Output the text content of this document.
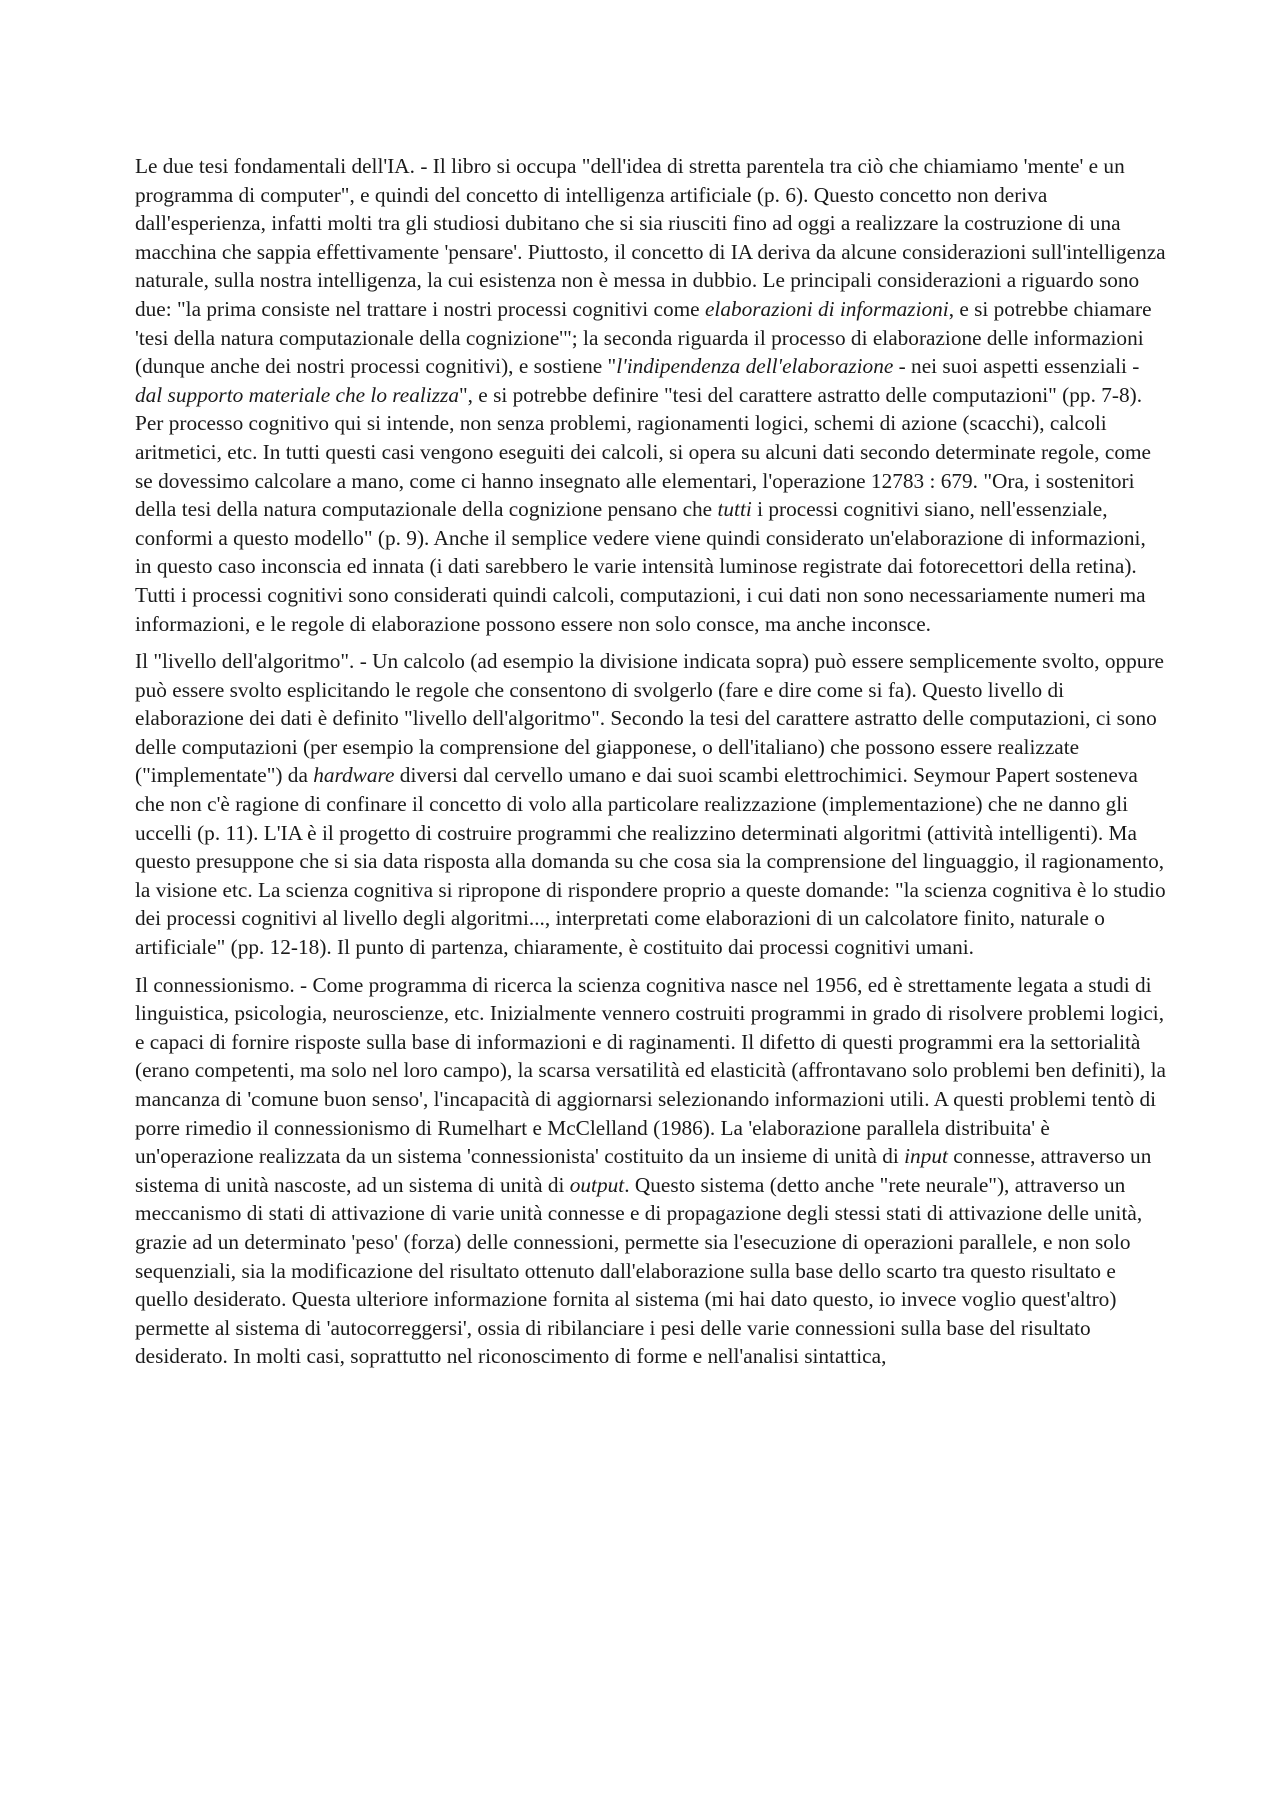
Le due tesi fondamentali dell'IA. - Il libro si occupa "dell'idea di stretta parentela tra ciò che chiamiamo 'mente' e un programma di computer", e quindi del concetto di intelligenza artificiale (p. 6). Questo concetto non deriva dall'esperienza, infatti molti tra gli studiosi dubitano che si sia riusciti fino ad oggi a realizzare la costruzione di una macchina che sappia effettivamente 'pensare'. Piuttosto, il concetto di IA deriva da alcune considerazioni sull'intelligenza naturale, sulla nostra intelligenza, la cui esistenza non è messa in dubbio. Le principali considerazioni a riguardo sono due: "la prima consiste nel trattare i nostri processi cognitivi come elaborazioni di informazioni, e si potrebbe chiamare 'tesi della natura computazionale della cognizione'"; la seconda riguarda il processo di elaborazione delle informazioni (dunque anche dei nostri processi cognitivi), e sostiene "l'indipendenza dell'elaborazione - nei suoi aspetti essenziali - dal supporto materiale che lo realizza", e si potrebbe definire "tesi del carattere astratto delle computazioni" (pp. 7-8). Per processo cognitivo qui si intende, non senza problemi, ragionamenti logici, schemi di azione (scacchi), calcoli aritmetici, etc. In tutti questi casi vengono eseguiti dei calcoli, si opera su alcuni dati secondo determinate regole, come se dovessimo calcolare a mano, come ci hanno insegnato alle elementari, l'operazione 12783 : 679. "Ora, i sostenitori della tesi della natura computazionale della cognizione pensano che tutti i processi cognitivi siano, nell'essenziale, conformi a questo modello" (p. 9). Anche il semplice vedere viene quindi considerato un'elaborazione di informazioni, in questo caso inconscia ed innata (i dati sarebbero le varie intensità luminose registrate dai fotorecettori della retina). Tutti i processi cognitivi sono considerati quindi calcoli, computazioni, i cui dati non sono necessariamente numeri ma informazioni, e le regole di elaborazione possono essere non solo consce, ma anche inconsce.

Il "livello dell'algoritmo". - Un calcolo (ad esempio la divisione indicata sopra) può essere semplicemente svolto, oppure può essere svolto esplicitando le regole che consentono di svolgerlo (fare e dire come si fa). Questo livello di elaborazione dei dati è definito "livello dell'algoritmo". Secondo la tesi del carattere astratto delle computazioni, ci sono delle computazioni (per esempio la comprensione del giapponese, o dell'italiano) che possono essere realizzate ("implementate") da hardware diversi dal cervello umano e dai suoi scambi elettrochimici. Seymour Papert sosteneva che non c'è ragione di confinare il concetto di volo alla particolare realizzazione (implementazione) che ne danno gli uccelli (p. 11). L'IA è il progetto di costruire programmi che realizzino determinati algoritmi (attività intelligenti). Ma questo presuppone che si sia data risposta alla domanda su che cosa sia la comprensione del linguaggio, il ragionamento, la visione etc. La scienza cognitiva si ripropone di rispondere proprio a queste domande: "la scienza cognitiva è lo studio dei processi cognitivi al livello degli algoritmi..., interpretati come elaborazioni di un calcolatore finito, naturale o artificiale" (pp. 12-18). Il punto di partenza, chiaramente, è costituito dai processi cognitivi umani.

Il connessionismo. - Come programma di ricerca la scienza cognitiva nasce nel 1956, ed è strettamente legata a studi di linguistica, psicologia, neuroscienze, etc. Inizialmente vennero costruiti programmi in grado di risolvere problemi logici, e capaci di fornire risposte sulla base di informazioni e di raginamenti. Il difetto di questi programmi era la settorialità (erano competenti, ma solo nel loro campo), la scarsa versatilità ed elasticità (affrontavano solo problemi ben definiti), la mancanza di 'comune buon senso', l'incapacità di aggiornarsi selezionando informazioni utili. A questi problemi tentò di porre rimedio il connessionismo di Rumelhart e McClelland (1986). La 'elaborazione parallela distribuita' è un'operazione realizzata da un sistema 'connessionista' costituito da un insieme di unità di input connesse, attraverso un sistema di unità nascoste, ad un sistema di unità di output. Questo sistema (detto anche "rete neurale"), attraverso un meccanismo di stati di attivazione di varie unità connesse e di propagazione degli stessi stati di attivazione delle unità, grazie ad un determinato 'peso' (forza) delle connessioni, permette sia l'esecuzione di operazioni parallele, e non solo sequenziali, sia la modificazione del risultato ottenuto dall'elaborazione sulla base dello scarto tra questo risultato e quello desiderato. Questa ulteriore informazione fornita al sistema (mi hai dato questo, io invece voglio quest'altro) permette al sistema di 'autocorreggersi', ossia di ribilanciare i pesi delle varie connessioni sulla base del risultato desiderato. In molti casi, soprattutto nel riconoscimento di forme e nell'analisi sintattica,
